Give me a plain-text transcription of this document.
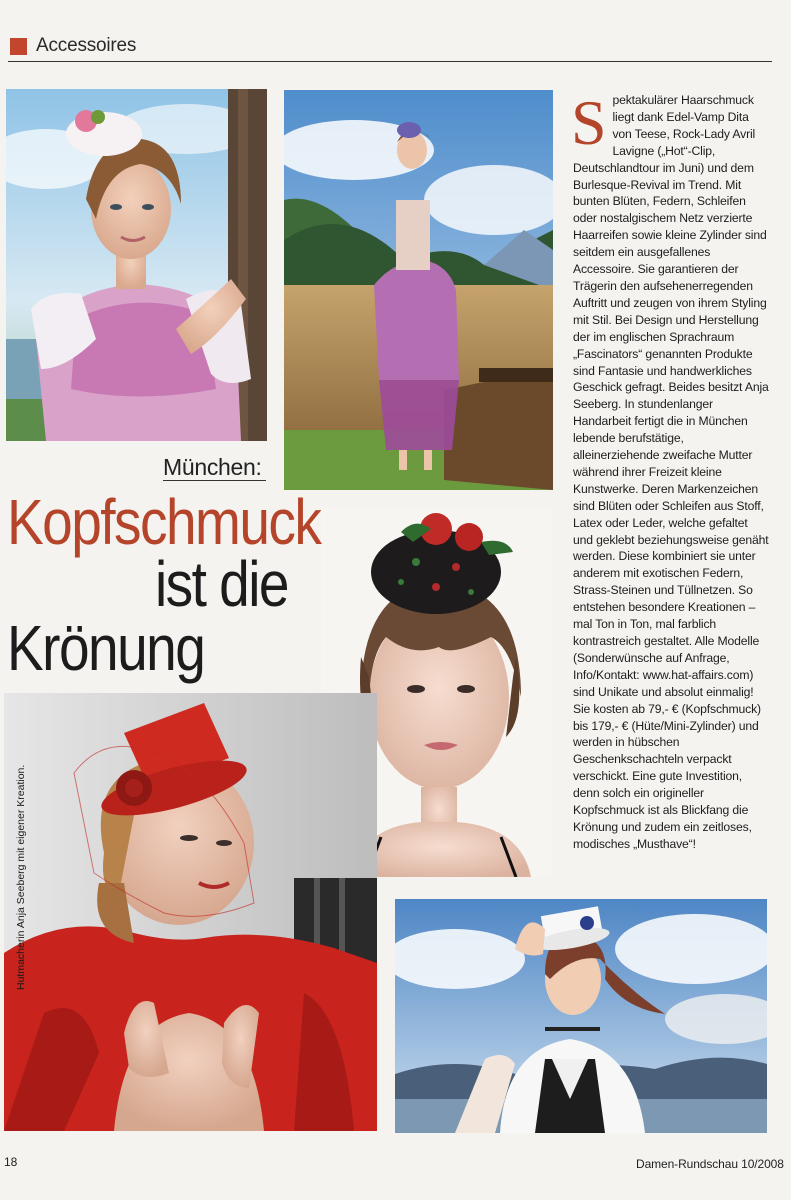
Accessoires
München:
Kopfschmuck
ist die
Krönung
Spektakulärer Haarschmuck liegt dank Edel-Vamp Dita von Teese, Rock-Lady Avril Lavigne („Hot“-Clip, Deutschlandtour im Juni) und dem Burlesque-Revival im Trend. Mit bunten Blüten, Federn, Schleifen oder nostalgischem Netz verzierte Haarreifen sowie kleine Zylinder sind seitdem ein ausgefallenes Accessoire. Sie garantieren der Trägerin den aufsehenerregenden Auftritt und zeugen von ihrem Styling mit Stil. Bei Design und Herstellung der im englischen Sprachraum „Fascinators“ genannten Produkte sind Fantasie und handwerkliches Geschick gefragt. Beides besitzt Anja Seeberg. In stundenlanger Handarbeit fertigt die in München lebende berufstätige, alleinerziehende zweifache Mutter während ihrer Freizeit kleine Kunstwerke. Deren Markenzeichen sind Blüten oder Schleifen aus Stoff, Latex oder Leder, welche gefaltet und geklebt beziehungsweise genäht werden. Diese kombiniert sie unter anderem mit exotischen Federn, Strass-Steinen und Tüllnetzen. So entstehen besondere Kreationen – mal Ton in Ton, mal farblich kontrastreich gestaltet. Alle Modelle (Sonderwünsche auf Anfrage, Info/Kontakt: www.hat-affairs.com) sind Unikate und absolut einmalig! Sie kosten ab 79,- € (Kopfschmuck) bis 179,- € (Hüte/Mini-Zylinder) und werden in hübschen Geschenkschachteln verpackt verschickt. Eine gute Investition, denn solch ein origineller Kopfschmuck ist als Blickfang die Krönung und zudem ein zeitloses, modisches „Musthave“!
Hutmacherin Anja Seeberg mit eigener Kreation.
18	Damen-Rundschau 10/2008
